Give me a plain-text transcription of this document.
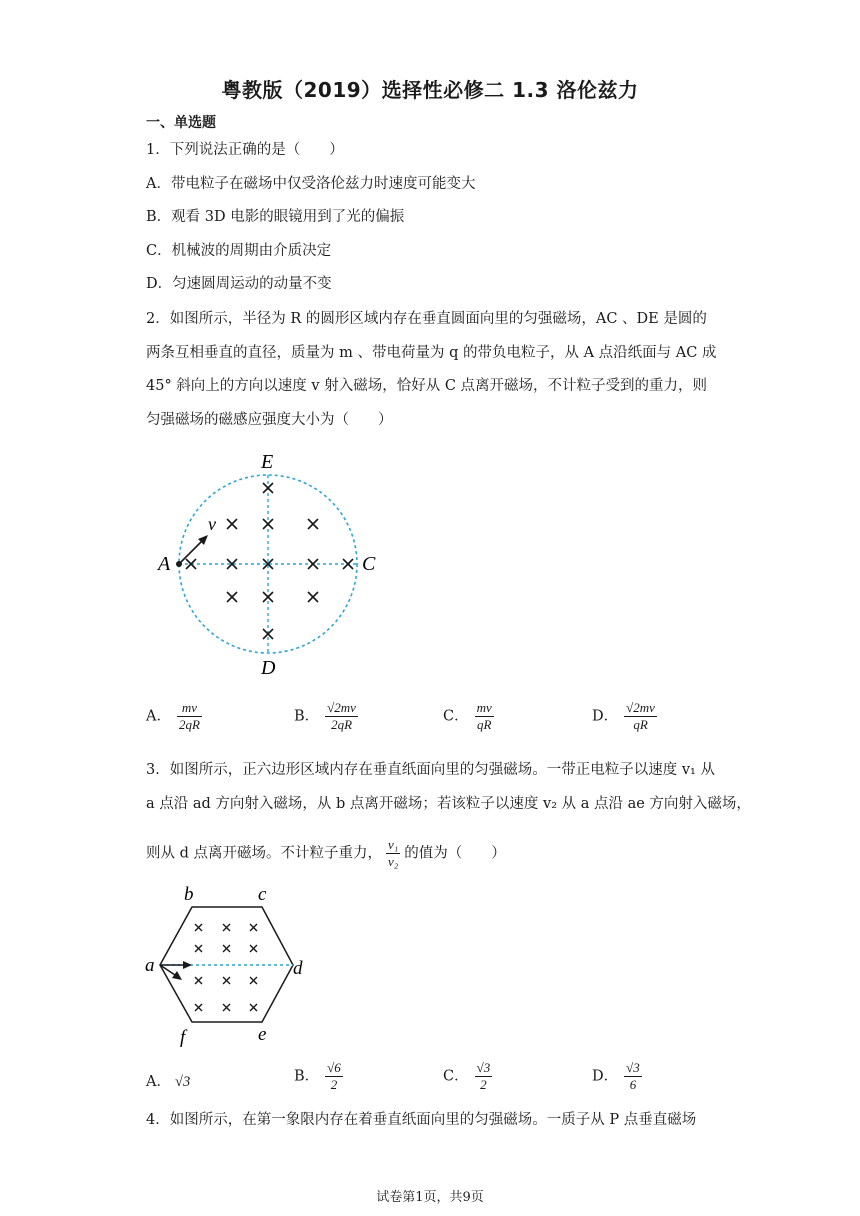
粤教版（2019）选择性必修二 1.3 洛伦兹力
一、单选题
1．下列说法正确的是（　　）
A．带电粒子在磁场中仅受洛伦兹力时速度可能变大
B．观看 3D 电影的眼镜用到了光的偏振
C．机械波的周期由介质决定
D．匀速圆周运动的动量不变
2．如图所示，半径为 R 的圆形区域内存在垂直圆面向里的匀强磁场，AC 、DE 是圆的
两条互相垂直的直径，质量为 m 、带电荷量为 q 的带负电粒子，从 A 点沿纸面与 AC 成
45° 斜向上的方向以速度 v 射入磁场，恰好从 C 点离开磁场，不计粒子受到的重力，则
匀强磁场的磁感应强度大小为（　　）
E
A	C
D
v
A． $\frac{mv}{2qR}$	B． $\frac{√2mv}{2qR}$	C． $\frac{mv}{qR}$	D． $\frac{√2mv}{qR}$
3．如图所示，正六边形区域内存在垂直纸面向里的匀强磁场。一带正电粒子以速度 v₁ 从
a 点沿 ad 方向射入磁场，从 b 点离开磁场；若该粒子以速度 v₂ 从 a 点沿 ae 方向射入磁场，
则从 d 点离开磁场。不计粒子重力， $\frac{\text{v₁}}{\text{v₂}}$ 的值为（　　）
b	c
a	d
e
f
A． √3	B． $\frac{√6}{2}$	C． $\frac{√3}{2}$	D． $\frac{√3}{6}$
4．如图所示，在第一象限内存在着垂直纸面向里的匀强磁场。一质子从 P 点垂直磁场
试卷第1页，共9页
